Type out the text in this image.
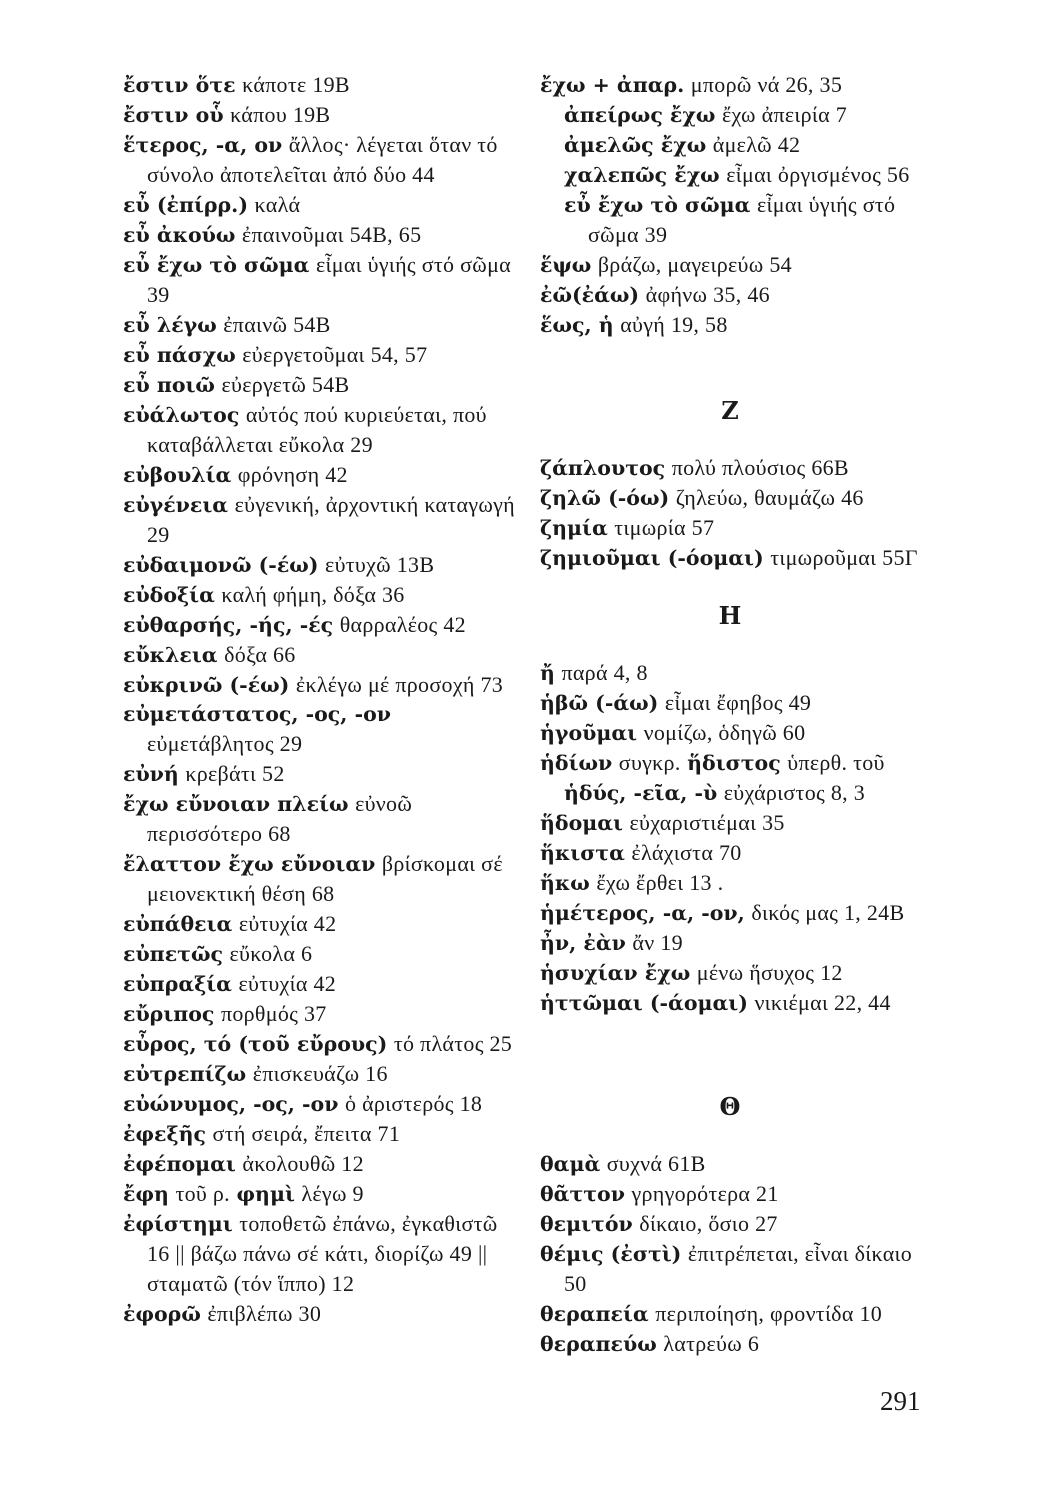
ἔστιν ὅτε κάποτε 19Β
ἔστιν οὗ κάπου 19Β
ἕτερος, -α, ον ἄλλος· λέγεται ὅταν τό σύνολο ἀποτελεῖται ἀπό δύο 44
εὖ (ἐπίρρ.) καλά
εὖ ἀκούω ἐπαινοῦμαι 54Β, 65
εὖ ἔχω τὸ σῶμα εἶμαι ὑγιής στό σῶμα 39
εὖ λέγω ἐπαινῶ 54Β
εὖ πάσχω εὐεργετοῦμαι 54, 57
εὖ ποιῶ εὐεργετῶ 54Β
εὐάλωτος αὐτός πού κυριεύεται, πού καταβάλλεται εὔκολα 29
εὐβουλία φρόνηση 42
εὐγένεια εὐγενική, ἀρχοντική καταγωγή 29
εὐδαιμονῶ (-έω) εὐτυχῶ 13Β
εὐδοξία καλή φήμη, δόξα 36
εὐθαρσής, -ής, -ές θαρραλέος 42
εὔκλεια δόξα 66
εὐκρινῶ (-έω) ἐκλέγω μέ προσοχή 73
εὐμετάστατος, -ος, -ον εὐμετάβλητος 29
εὐνή κρεβάτι 52
ἔχω εὔνοιαν πλείω εὐνοῶ περισσότερο 68
ἔλαττον ἔχω εὔνοιαν βρίσκομαι σέ μειονεκτική θέση 68
εὐπάθεια εὐτυχία 42
εὐπετῶς εὔκολα 6
εὐπραξία εὐτυχία 42
εὔριπος πορθμός 37
εὖρος, τό (τοῦ εὔρους) τό πλάτος 25
εὐτρεπίζω ἐπισκευάζω 16
εὐώνυμος, -ος, -ον ὁ ἀριστερός 18
ἐφεξῆς στή σειρά, ἔπειτα 71
ἐφέπομαι ἀκολουθῶ 12
ἔφη τοῦ ρ. φημὶ λέγω 9
ἐφίστημι τοποθετῶ ἐπάνω, ἐγκαθιστῶ 16 || βάζω πάνω σέ κάτι, διορίζω 49 || σταματῶ (τόν ἵππο) 12
ἐφορῶ ἐπιβλέπω 30
ἔχω + ἀπαρ. μπορῶ νά 26, 35
ἀπείρως ἔχω ἔχω ἀπειρία 7
ἀμελῶς ἔχω ἀμελῶ 42
χαλεπῶς ἔχω εἶμαι ὀργισμένος 56
εὖ ἔχω τὸ σῶμα εἶμαι ὑγιής στό σῶμα 39
ἕψω βράζω, μαγειρεύω 54
ἐῶ(ἐάω) ἀφήνω 35, 46
ἕως, ἡ αὐγή 19, 58
Ζ
ζάπλουτος πολύ πλούσιος 66Β
ζηλῶ (-όω) ζηλεύω, θαυμάζω 46
ζημία τιμωρία 57
ζημιοῦμαι (-όομαι) τιμωροῦμαι 55Γ
Η
ἤ παρά 4, 8
ἡβῶ (-άω) εἶμαι ἔφηβος 49
ἡγοῦμαι νομίζω, ὁδηγῶ 60
ἡδίων συγκρ. ἥδιστος ὑπερθ. τοῦ
ἡδύς, -εῖα, -ὺ εὐχάριστος 8, 3
ἥδομαι εὐχαριστιέμαι 35
ἥκιστα ἐλάχιστα 70
ἥκω ἔχω ἔρθει 13 .
ἡμέτερος, -α, -ον, δικός μας 1, 24Β
ἦν, ἐὰν ἄν 19
ἡσυχίαν ἔχω μένω ἥσυχος 12
ἡττῶμαι (-άομαι) νικιέμαι 22, 44
Θ
θαμὰ συχνά 61Β
θᾶττον γρηγορότερα 21
θεμιτόν δίκαιο, ὅσιο 27
θέμις (ἐστὶ) ἐπιτρέπεται, εἶναι δίκαιο 50
θεραπεία περιποίηση, φροντίδα 10
θεραπεύω λατρεύω 6
291
